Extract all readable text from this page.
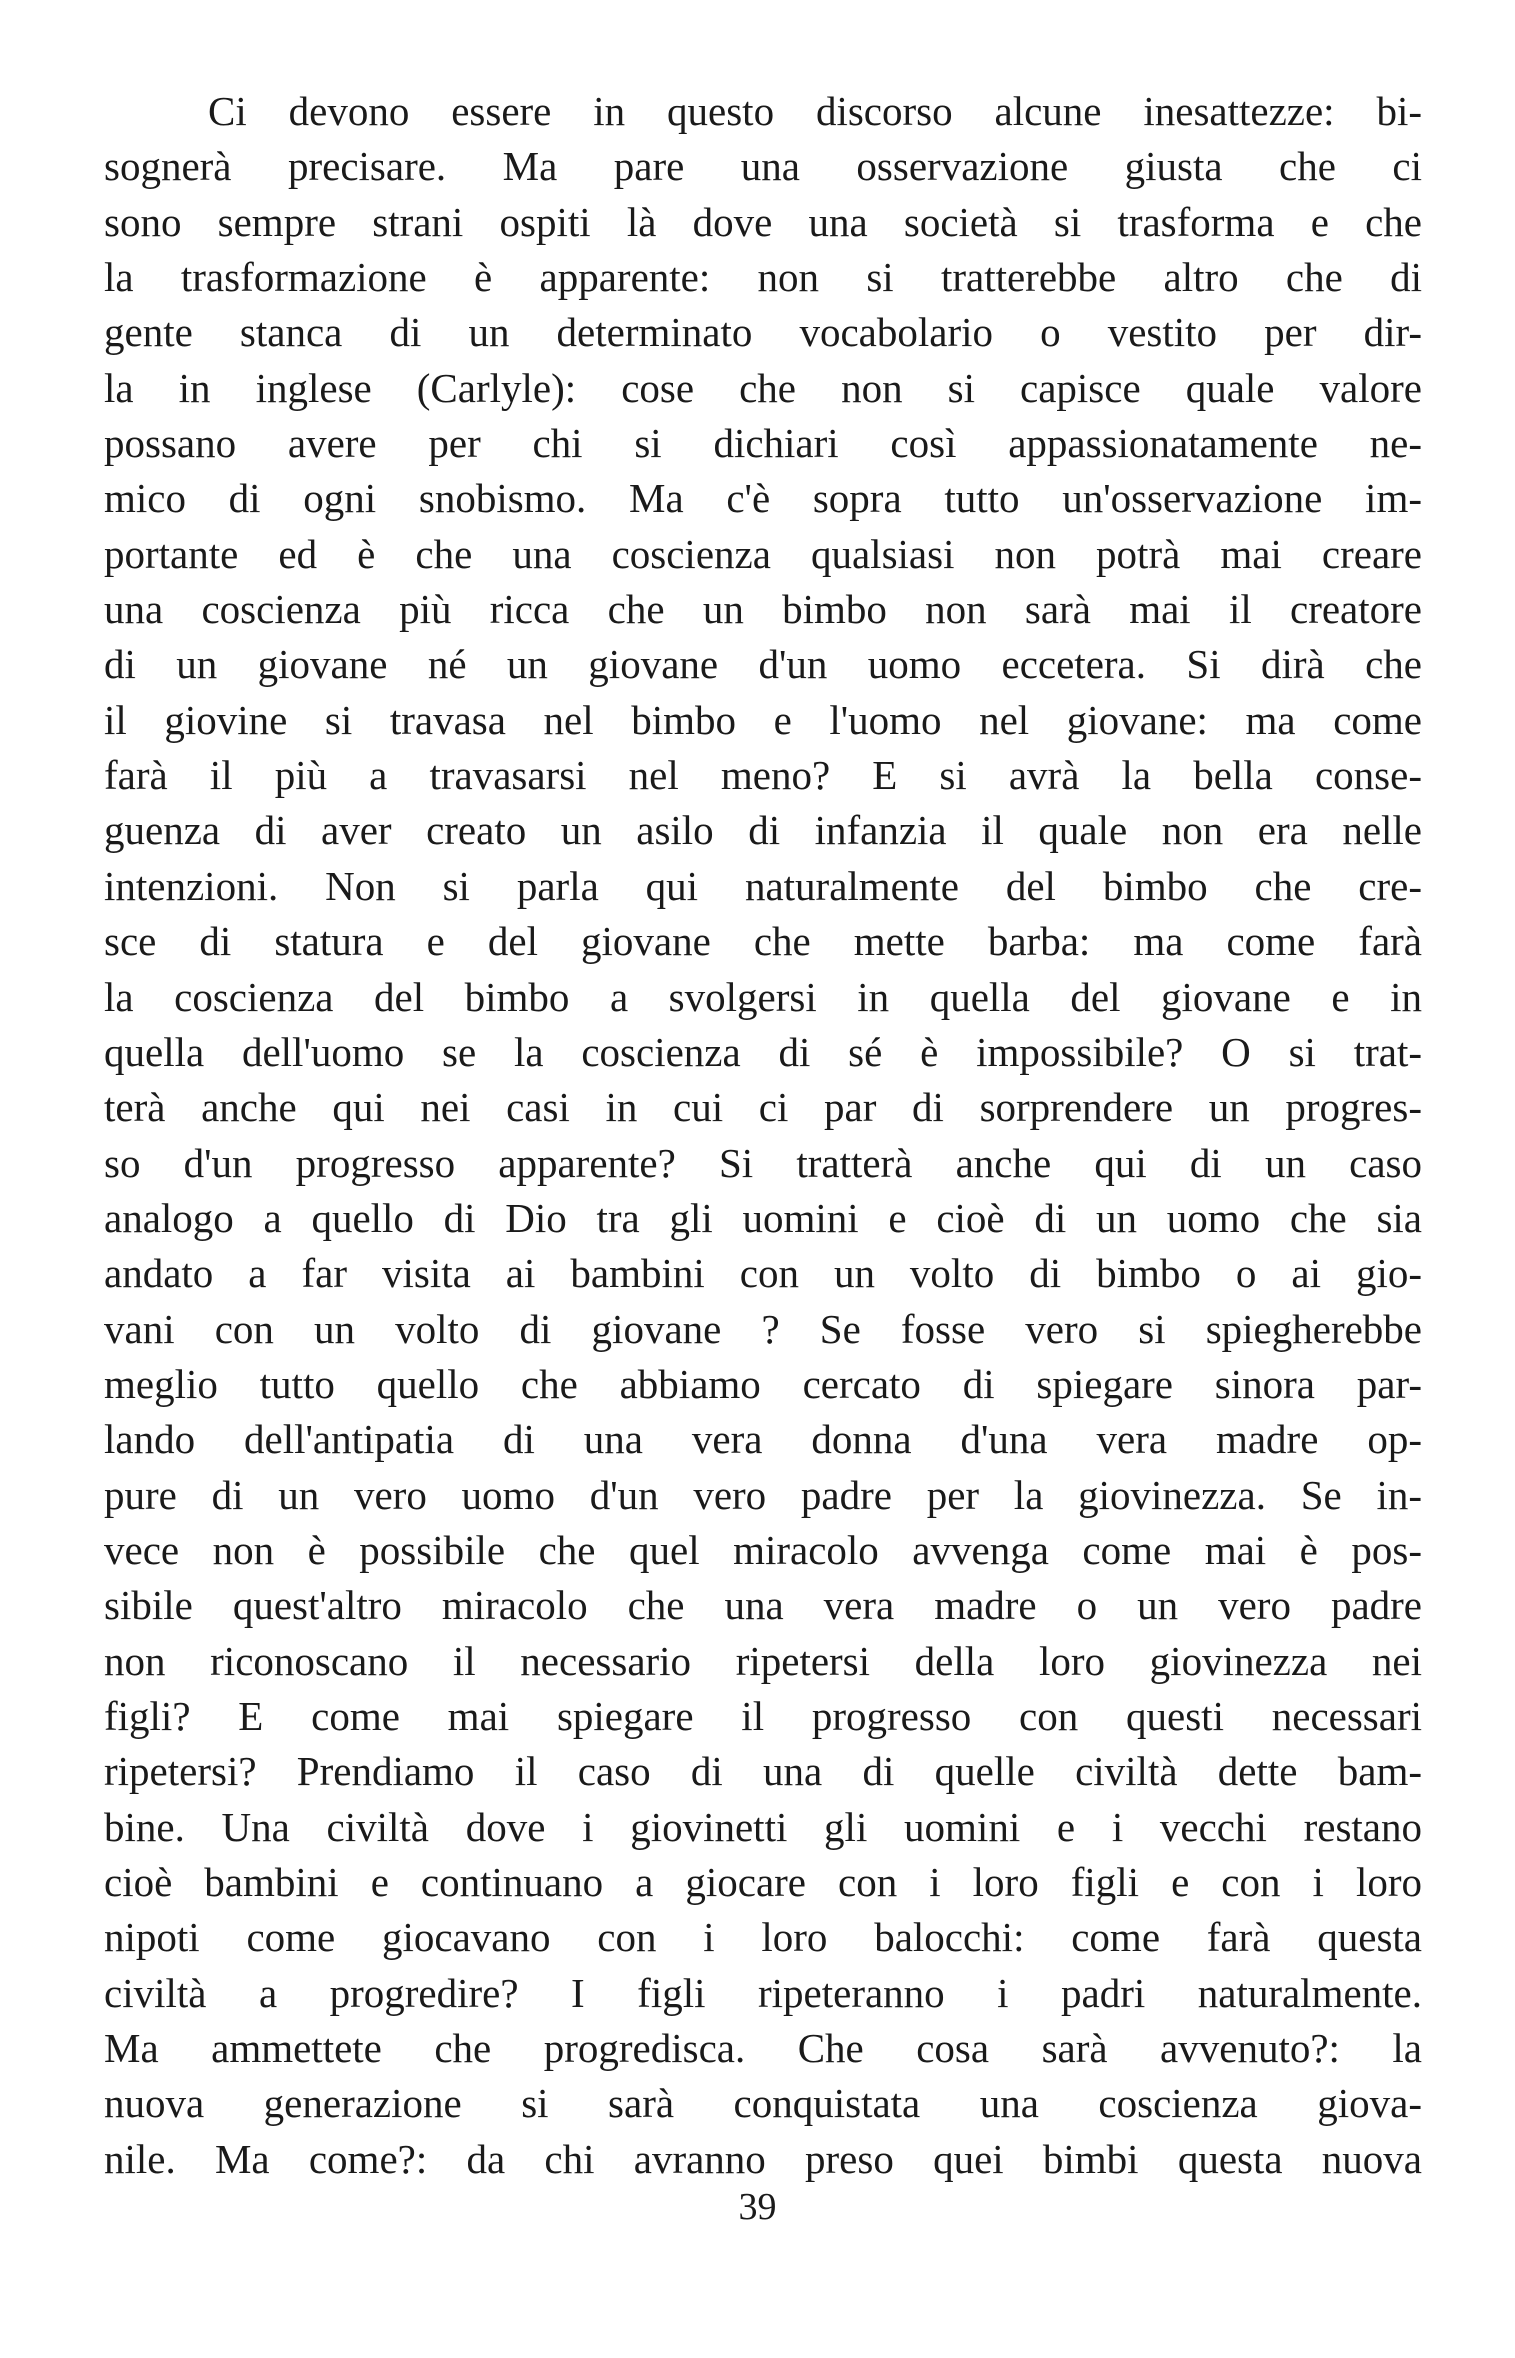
Ci devono essere in questo discorso alcune inesattezze: bi-
sognerà precisare. Ma pare una osservazione giusta che ci
sono sempre strani ospiti là dove una società si trasforma e che
la trasformazione è apparente: non si tratterebbe altro che di
gente stanca di un determinato vocabolario o vestito per dir-
la in inglese (Carlyle): cose che non si capisce quale valore
possano avere per chi si dichiari così appassionatamente ne-
mico di ogni snobismo. Ma c'è sopra tutto un'osservazione im-
portante ed è che una coscienza qualsiasi non potrà mai creare
una coscienza più ricca che un bimbo non sarà mai il creatore
di un giovane né un giovane d'un uomo eccetera. Si dirà che
il giovine si travasa nel bimbo e l'uomo nel giovane: ma come
farà il più a travasarsi nel meno? E si avrà la bella conse-
guenza di aver creato un asilo di infanzia il quale non era nelle
intenzioni. Non si parla qui naturalmente del bimbo che cre-
sce di statura e del giovane che mette barba: ma come farà
la coscienza del bimbo a svolgersi in quella del giovane e in
quella dell'uomo se la coscienza di sé è impossibile? O si trat-
terà anche qui nei casi in cui ci par di sorprendere un progres-
so d'un progresso apparente? Si tratterà anche qui di un caso
analogo a quello di Dio tra gli uomini e cioè di un uomo che sia
andato a far visita ai bambini con un volto di bimbo o ai gio-
vani con un volto di giovane ? Se fosse vero si spiegherebbe
meglio tutto quello che abbiamo cercato di spiegare sinora par-
lando dell'antipatia di una vera donna d'una vera madre op-
pure di un vero uomo d'un vero padre per la giovinezza. Se in-
vece non è possibile che quel miracolo avvenga come mai è pos-
sibile quest'altro miracolo che una vera madre o un vero padre
non riconoscano il necessario ripetersi della loro giovinezza nei
figli? E come mai spiegare il progresso con questi necessari
ripetersi? Prendiamo il caso di una di quelle civiltà dette bam-
bine. Una civiltà dove i giovinetti gli uomini e i vecchi restano
cioè bambini e continuano a giocare con i loro figli e con i loro
nipoti come giocavano con i loro balocchi: come farà questa
civiltà a progredire? I figli ripeteranno i padri naturalmente.
Ma ammettete che progredisca. Che cosa sarà avvenuto?: la
nuova generazione si sarà conquistata una coscienza giova-
nile. Ma come?: da chi avranno preso quei bimbi questa nuova
39
